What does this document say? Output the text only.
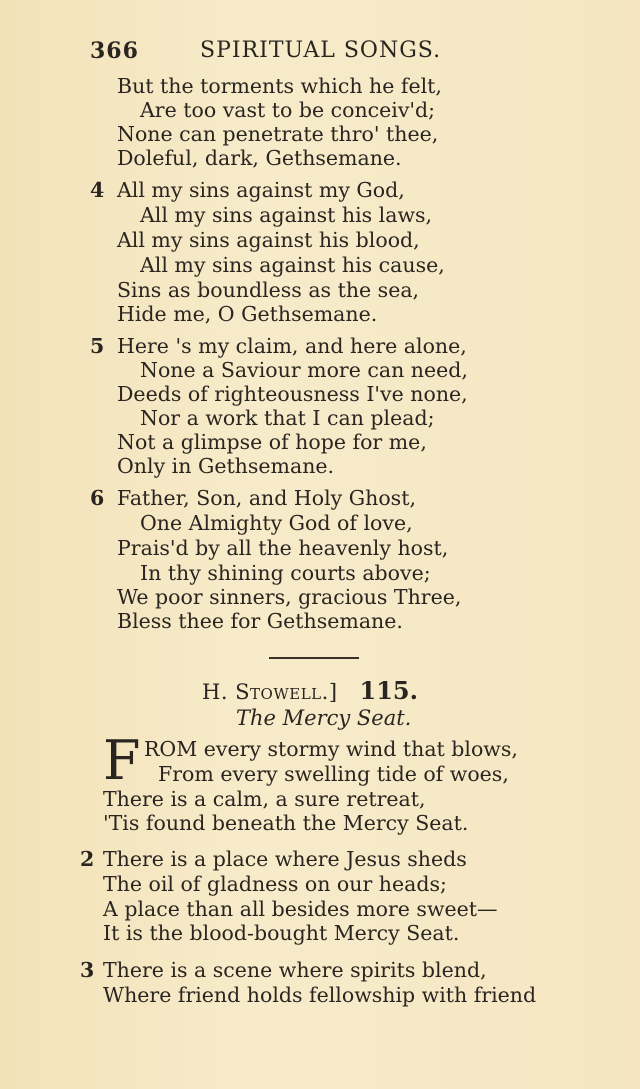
366	SPIRITUAL SONGS.
But the torments which he felt,
Are too vast to be conceiv'd;
None can penetrate thro' thee,
Doleful, dark, Gethsemane.
4 All my sins against my God,
All my sins against his laws,
All my sins against his blood,
All my sins against his cause,
Sins as boundless as the sea,
Hide me, O Gethsemane.
5 Here 's my claim, and here alone,
None a Saviour more can need,
Deeds of righteousness I've none,
Nor a work that I can plead;
Not a glimpse of hope for me,
Only in Gethsemane.
6 Father, Son, and Holy Ghost,
One Almighty God of love,
Prais'd by all the heavenly host,
In thy shining courts above;
We poor sinners, gracious Three,
Bless thee for Gethsemane.
H. Stowell.] 115.
The Mercy Seat.
F ROM every stormy wind that blows,
From every swelling tide of woes,
There is a calm, a sure retreat,
'Tis found beneath the Mercy Seat.
2 There is a place where Jesus sheds
The oil of gladness on our heads;
A place than all besides more sweet—
It is the blood-bought Mercy Seat.
3 There is a scene where spirits blend,
Where friend holds fellowship with friend
